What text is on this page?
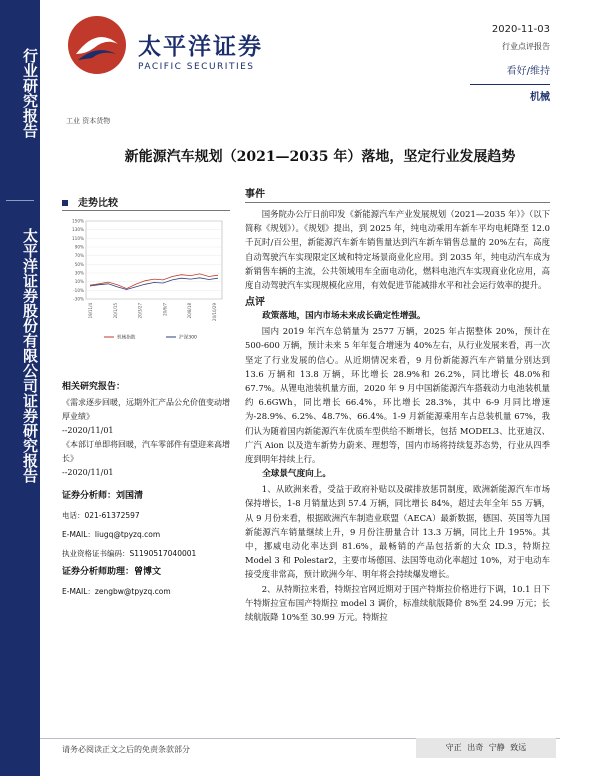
行业研究报告
太平洋证券股份有限公司证券研究报告
太平洋证券
PACIFIC SECURITIES
2020-11-03
行业点评报告
看好/维持
机械
工业 资本货物
新能源汽车规划（2021—2035 年）落地，坚定行业发展趋势
走势比较
150%
130%
110%
90%
70%
50%
30%
10%
-10%
-30%
19/11/4	20/1/15	20/3/27	20/6/7	20/8/18	20/10/29
机械指数	沪深300
相关研究报告：
《需求逐步回暖，远期外汇产品公允价值变动增厚业绩》
--2020/11/01
《本部订单即将回暖，汽车零部件有望迎来高增长》
--2020/11/01
证券分析师：刘国清
电话：021-61372597
E-MAIL：liugq@tpyzq.com
执业资格证书编码：S1190517040001
证券分析师助理：曾博文
E-MAIL：zengbw@tpyzq.com
事件
国务院办公厅日前印发《新能源汽车产业发展规划（2021—2035 年）》（以下简称《规划》）。《规划》提出，到 2025 年，纯电动乘用车新车平均电耗降至 12.0 千瓦时/百公里，新能源汽车新车销售量达到汽车新车销售总量的 20%左右，高度自动驾驶汽车实现限定区域和特定场景商业化应用。到 2035 年，纯电动汽车成为新销售车辆的主流，公共领域用车全面电动化，燃料电池汽车实现商业化应用，高度自动驾驶汽车实现规模化应用，有效促进节能减排水平和社会运行效率的提升。
点评
政策落地，国内市场未来成长确定性增强。
国内 2019 年汽车总销量为 2577 万辆，2025 年占据整体 20%，预计在 500-600 万辆，预计未来 5 年年复合增速为 40%左右，从行业发展来看，再一次坚定了行业发展的信心。从近期情况来看，9 月份新能源汽车产销量分别达到 13.6 万辆和 13.8 万辆，环比增长 28.9%和 26.2%，同比增长 48.0%和 67.7%。从锂电池装机量方面，2020 年 9 月中国新能源汽车搭载动力电池装机量约 6.6GWh，同比增长 66.4%，环比增长 28.3%，其中 6-9 月同比增速为-28.9%、6.2%、48.7%、66.4%。1-9 月新能源乘用车占总装机量 67%，我们认为随着国内新能源汽车优质车型供给不断增长，包括 MODEL3、比亚迪汉、广汽 Aion 以及造车新势力蔚来、理想等，国内市场将持续复苏态势，行业从四季度到明年持续上行。
全球景气度向上。
1、从欧洲来看，受益于政府补贴以及碳排放惩罚制度，欧洲新能源汽车市场保持增长，1-8 月销量达到 57.4 万辆，同比增长 84%，超过去年全年 55 万辆，从 9 月份来看，根据欧洲汽车制造业联盟（AECA）最新数据，德国、英国等九国新能源汽车销量继续上升，9 月份注册量合计 13.3 万辆，同比上升 195%。其中，挪威电动化率达到 81.6%，最畅销的产品包括新的大众 ID.3，特斯拉 Model 3 和 Polestar2，主要市场德国、法国等电动化率超过 10%，对于电动车接受度非常高，预计欧洲今年、明年将会持续爆发增长。
2、从特斯拉来看，特斯拉官网近期对于国产特斯拉价格进行下调，10.1 日下午特斯拉宣布国产特斯拉 model 3 调价，标准续航版降价 8%至 24.99 万元；长续航版降 10%至 30.99 万元。特斯拉
请务必阅读正文之后的免责条款部分	守正 出奇 宁静 致远
